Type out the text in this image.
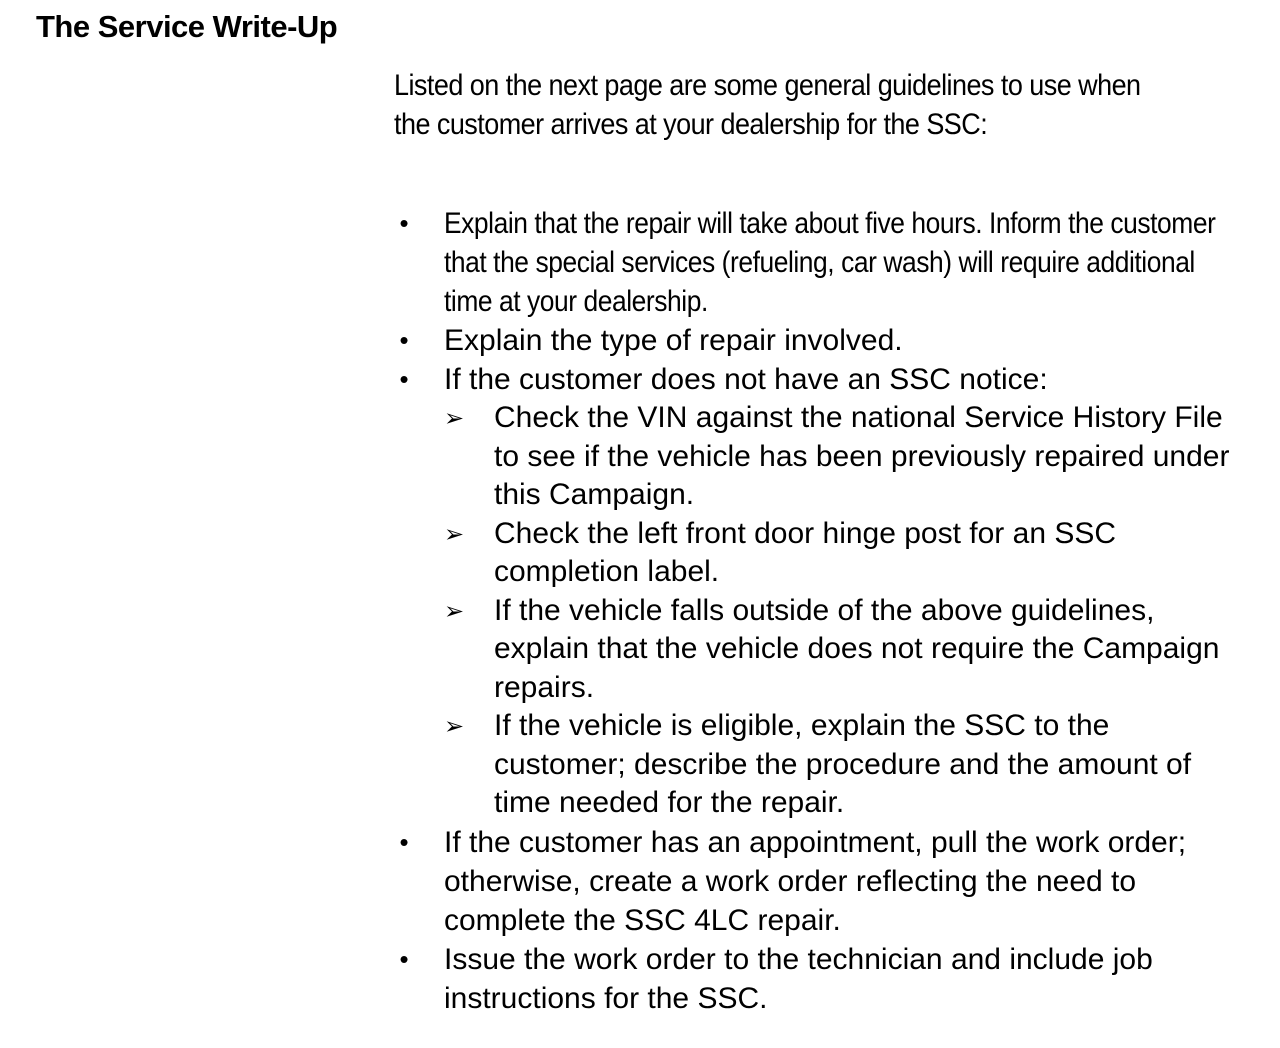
The Service Write-Up

Listed on the next page are some general guidelines to use when the customer arrives at your dealership for the SSC:

• Explain that the repair will take about five hours. Inform the customer that the special services (refueling, car wash) will require additional time at your dealership.
• Explain the type of repair involved.
• If the customer does not have an SSC notice:
➢ Check the VIN against the national Service History File to see if the vehicle has been previously repaired under this Campaign.
➢ Check the left front door hinge post for an SSC completion label.
➢ If the vehicle falls outside of the above guidelines, explain that the vehicle does not require the Campaign repairs.
➢ If the vehicle is eligible, explain the SSC to the customer; describe the procedure and the amount of time needed for the repair.
• If the customer has an appointment, pull the work order; otherwise, create a work order reflecting the need to complete the SSC 4LC repair.
• Issue the work order to the technician and include job instructions for the SSC.
